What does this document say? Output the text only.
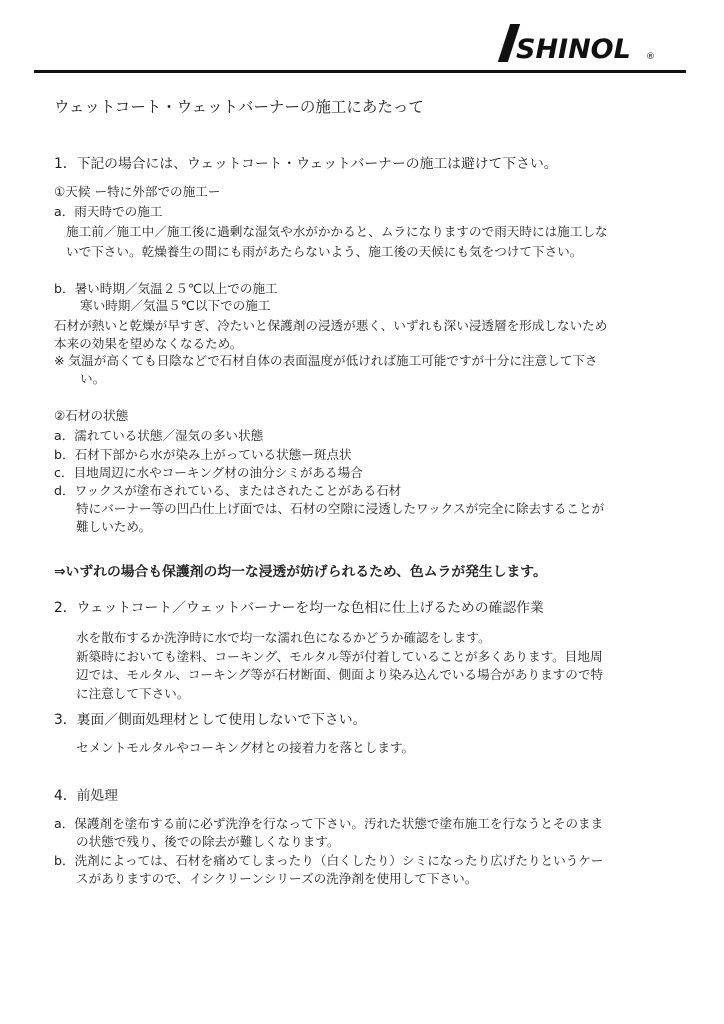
SHINOL ®
ウェットコート・ウェットバーナーの施工にあたって
1．下記の場合には、ウェットコート・ウェットバーナーの施工は避けて下さい。
①天候 ー特に外部での施工ー
a．雨天時での施工
施工前／施工中／施工後に過剰な湿気や水がかかると、ムラになりますので雨天時には施工しな
いで下さい。乾燥養生の間にも雨があたらないよう、施工後の天候にも気をつけて下さい。
b．暑い時期／気温２５℃以上での施工
寒い時期／気温５℃以下での施工
石材が熱いと乾燥が早すぎ、冷たいと保護剤の浸透が悪く、いずれも深い浸透層を形成しないため
本来の効果を望めなくなるため。
※ 気温が高くても日陰などで石材自体の表面温度が低ければ施工可能ですが十分に注意して下さ
い。
②石材の状態
a．濡れている状態／湿気の多い状態
b．石材下部から水が染み上がっている状態ー斑点状
c．目地周辺に水やコーキング材の油分シミがある場合
d．ワックスが塗布されている、またはされたことがある石材
特にバーナー等の凹凸仕上げ面では、石材の空隙に浸透したワックスが完全に除去することが
難しいため。
⇒いずれの場合も保護剤の均一な浸透が妨げられるため、色ムラが発生します。
2．ウェットコート／ウェットバーナーを均一な色相に仕上げるための確認作業
水を散布するか洗浄時に水で均一な濡れ色になるかどうか確認をします。
新築時においても塗料、コーキング、モルタル等が付着していることが多くあります。目地周
辺では、モルタル、コーキング等が石材断面、側面より染み込んでいる場合がありますので特
に注意して下さい。
3．裏面／側面処理材として使用しないで下さい。
セメントモルタルやコーキング材との接着力を落とします。
4．前処理
a．保護剤を塗布する前に必ず洗浄を行なって下さい。汚れた状態で塗布施工を行なうとそのまま
の状態で残り、後での除去が難しくなります。
b．洗剤によっては、石材を痛めてしまったり（白くしたり）シミになったり広げたりというケー
スがありますので、イシクリーンシリーズの洗浄剤を使用して下さい。
